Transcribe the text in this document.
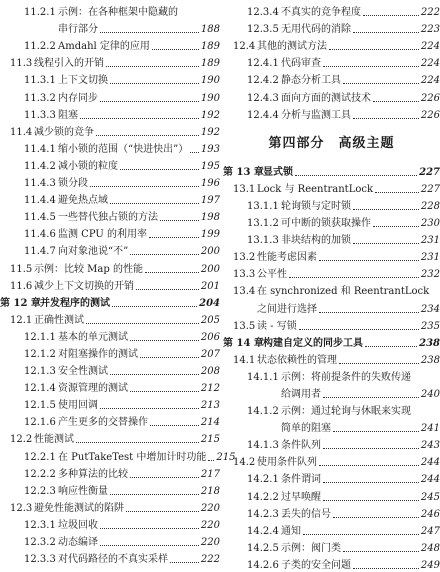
11.2.1 示例：在各种框架中隐藏的
串行部分	188
11.2.2 Amdahl 定律的应用	189
11.3 线程引入的开销	189
11.3.1 上下文切换	190
11.3.2 内存同步	190
11.3.3 阻塞	192
11.4 减少锁的竞争	192
11.4.1 缩小锁的范围（“快进快出”） 193
11.4.2 减小锁的粒度	195
11.4.3 锁分段	196
11.4.4 避免热点域	197
11.4.5 一些替代独占锁的方法	198
11.4.6 监测 CPU 的利用率	199
11.4.7 向对象池说“不”	200
11.5 示例：比较 Map 的性能	200
11.6 减少上下文切换的开销	201
第 12 章 并发程序的测试	204
12.1 正确性测试	205
12.1.1 基本的单元测试	206
12.1.2 对阻塞操作的测试	207
12.1.3 安全性测试	208
12.1.4 资源管理的测试	212
12.1.5 使用回调	213
12.1.6 产生更多的交替操作	214
12.2 性能测试	215
12.2.1 在 PutTakeTest 中增加计时功能 215
12.2.2 多种算法的比较	217
12.2.3 响应性衡量	218
12.3 避免性能测试的陷阱	220
12.3.1 垃圾回收	220
12.3.2 动态编译	220
12.3.3 对代码路径的不真实采样	222
12.3.4 不真实的竞争程度	222
12.3.5 无用代码的消除	223
12.4 其他的测试方法	224
12.4.1 代码审查	224
12.4.2 静态分析工具	224
12.4.3 面向方面的测试技术	226
12.4.4 分析与监测工具	226
第四部分　高级主题
第 13 章 显式锁	227
13.1 Lock 与 ReentrantLock	227
13.1.1 轮询锁与定时锁	228
13.1.2 可中断的锁获取操作	230
13.1.3 非块结构的加锁	231
13.2 性能考虑因素	231
13.3 公平性	232
13.4 在 synchronized 和 ReentrantLock
之间进行选择	234
13.5 读 - 写锁	235
第 14 章 构建自定义的同步工具	238
14.1 状态依赖性的管理	238
14.1.1 示例：将前提条件的失败传递
给调用者	240
14.1.2 示例：通过轮询与休眠来实现
简单的阻塞	241
14.1.3 条件队列	243
14.2 使用条件队列	244
14.2.1 条件谓词	244
14.2.2 过早唤醒	245
14.2.3 丢失的信号	246
14.2.4 通知	247
14.2.5 示例：阀门类	248
14.2.6 子类的安全问题	249
